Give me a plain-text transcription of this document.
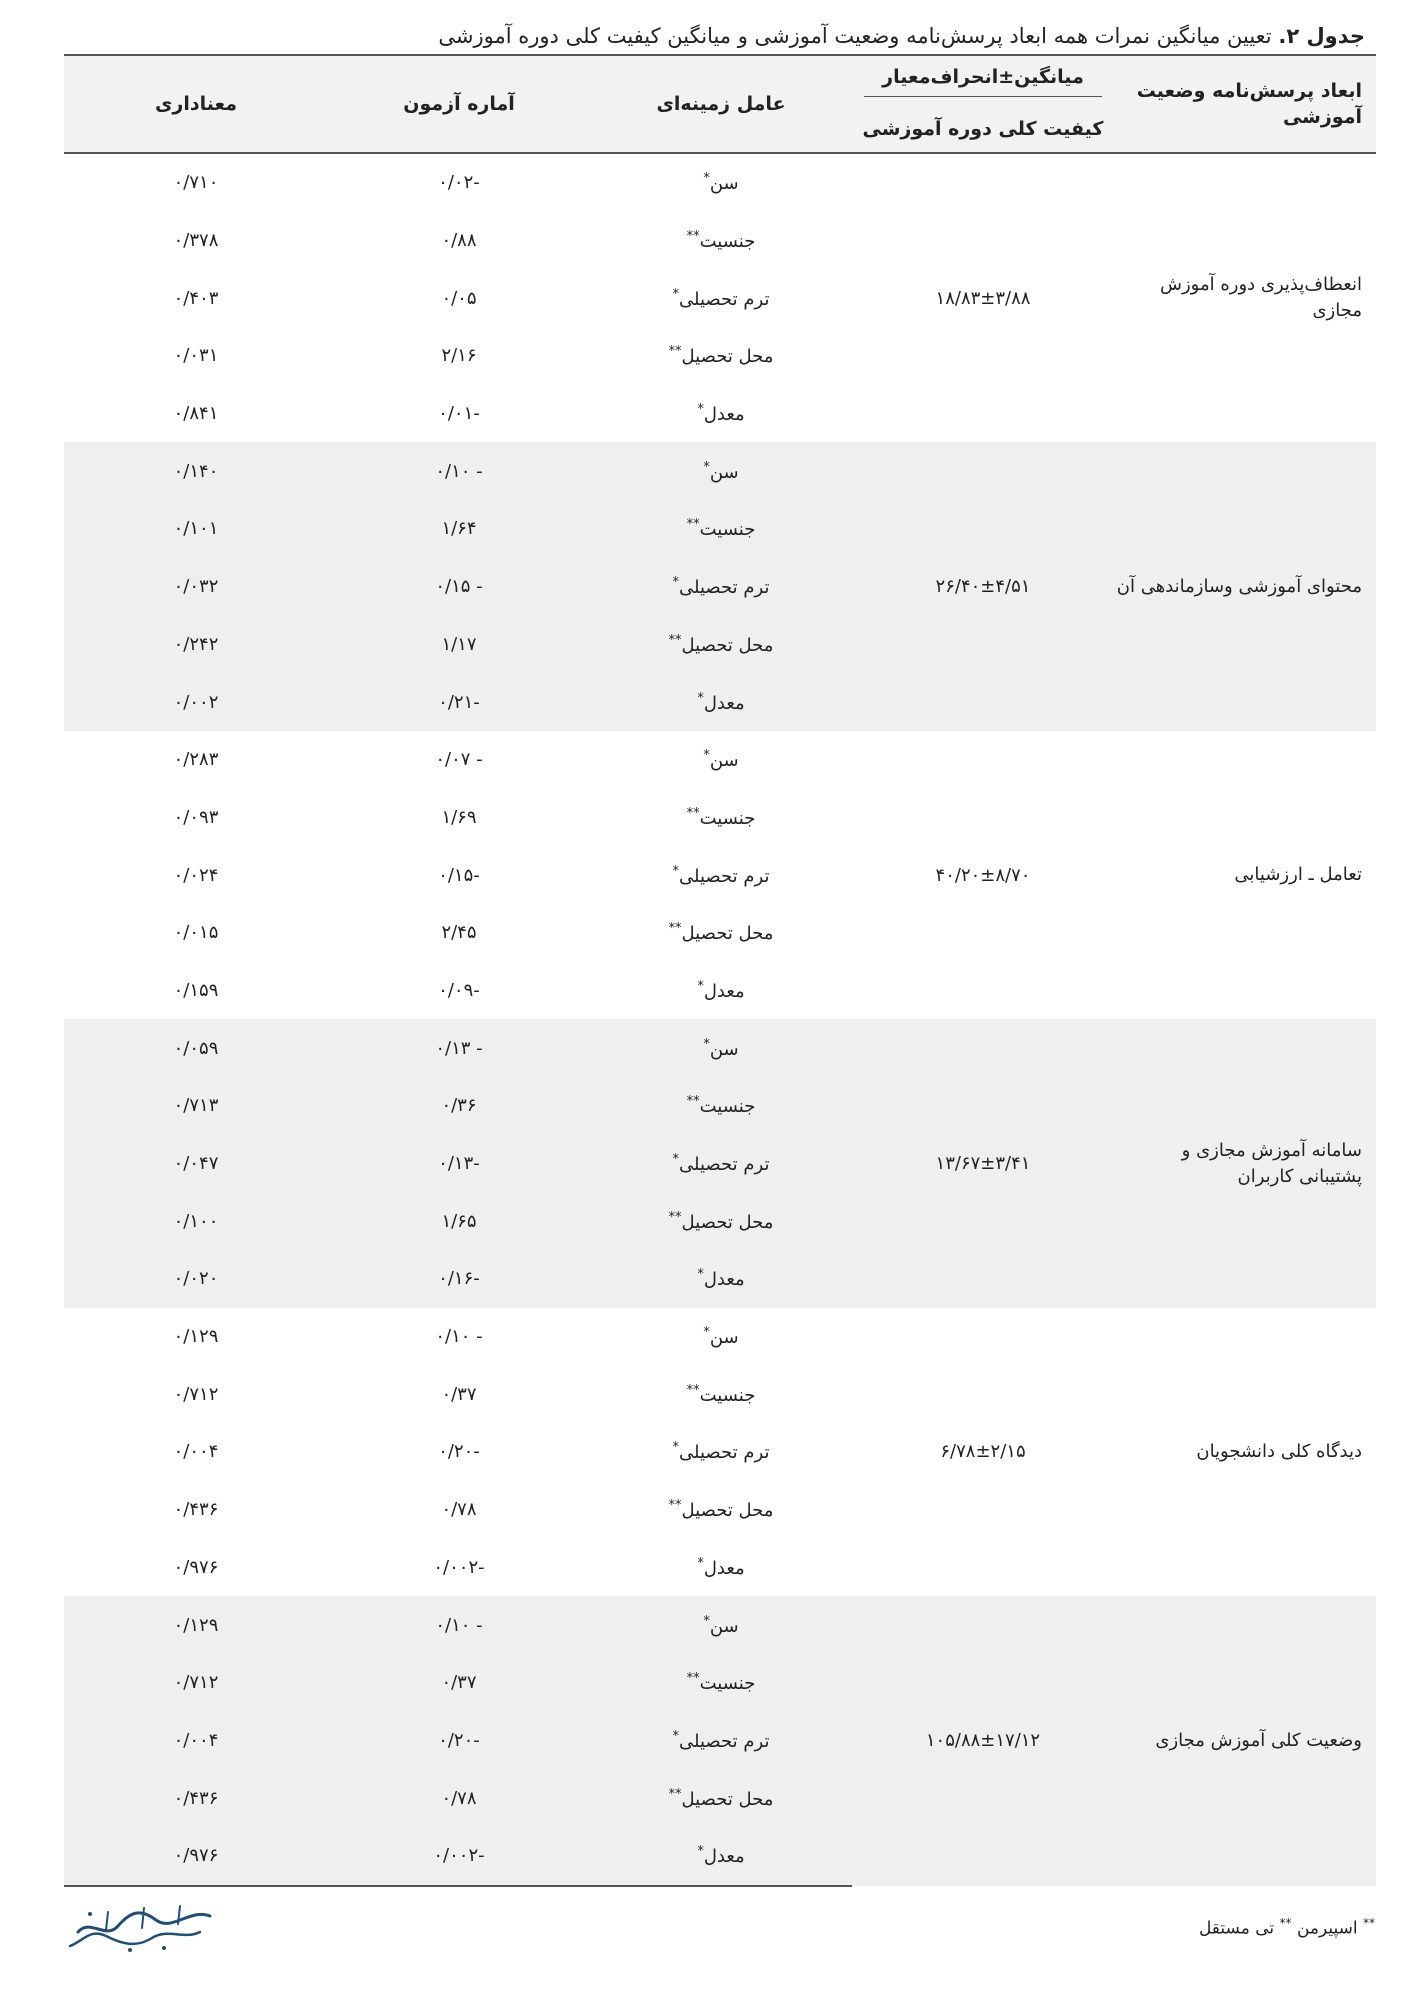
جدول ۲. تعیین میانگین نمرات همه ابعاد پرسش‌نامه وضعیت آموزشی و میانگین کیفیت کلی دوره آموزشی
ابعاد پرسش‌نامه وضعیت آموزشی	میانگین±انحراف‌معیار	عامل زمینه‌ای	آماره آزمون	معناداری
	کیفیت کلی دوره آموزشی			
انعطاف‌پذیری دوره آموزش مجازی	۱۸/۸۳±۳/۸۸	سن*	-۰/۰۲	۰/۷۱۰
		جنسیت**	۰/۸۸	۰/۳۷۸
		ترم تحصیلی*	۰/۰۵	۰/۴۰۳
		محل تحصیل**	۲/۱۶	۰/۰۳۱
		معدل*	-۰/۰۱	۰/۸۴۱
محتوای آموزشی وسازماندهی آن	۲۶/۴۰±۴/۵۱	سن*	- ۰/۱۰	۰/۱۴۰
		جنسیت**	۱/۶۴	۰/۱۰۱
		ترم تحصیلی*	- ۰/۱۵	۰/۰۳۲
		محل تحصیل**	۱/۱۷	۰/۲۴۲
		معدل*	-۰/۲۱	۰/۰۰۲
تعامل ـ ارزشیابی	۴۰/۲۰±۸/۷۰	سن*	- ۰/۰۷	۰/۲۸۳
		جنسیت**	۱/۶۹	۰/۰۹۳
		ترم تحصیلی*	-۰/۱۵	۰/۰۲۴
		محل تحصیل**	۲/۴۵	۰/۰۱۵
		معدل*	-۰/۰۹	۰/۱۵۹
سامانه آموزش مجازی و پشتیبانی کاربران	۱۳/۶۷±۳/۴۱	سن*	- ۰/۱۳	۰/۰۵۹
		جنسیت**	۰/۳۶	۰/۷۱۳
		ترم تحصیلی*	-۰/۱۳	۰/۰۴۷
		محل تحصیل**	۱/۶۵	۰/۱۰۰
		معدل*	-۰/۱۶	۰/۰۲۰
دیدگاه کلی دانشجویان	۶/۷۸±۲/۱۵	سن*	- ۰/۱۰	۰/۱۲۹
		جنسیت**	۰/۳۷	۰/۷۱۲
		ترم تحصیلی*	-۰/۲۰	۰/۰۰۴
		محل تحصیل**	۰/۷۸	۰/۴۳۶
		معدل*	-۰/۰۰۲	۰/۹۷۶
وضعیت کلی آموزش مجازی	۱۰۵/۸۸±۱۷/۱۲	سن*	- ۰/۱۰	۰/۱۲۹
		جنسیت**	۰/۳۷	۰/۷۱۲
		ترم تحصیلی*	-۰/۲۰	۰/۰۰۴
		محل تحصیل**	۰/۷۸	۰/۴۳۶
		معدل*	-۰/۰۰۲	۰/۹۷۶
** اسپیرمن ** تی مستقل
